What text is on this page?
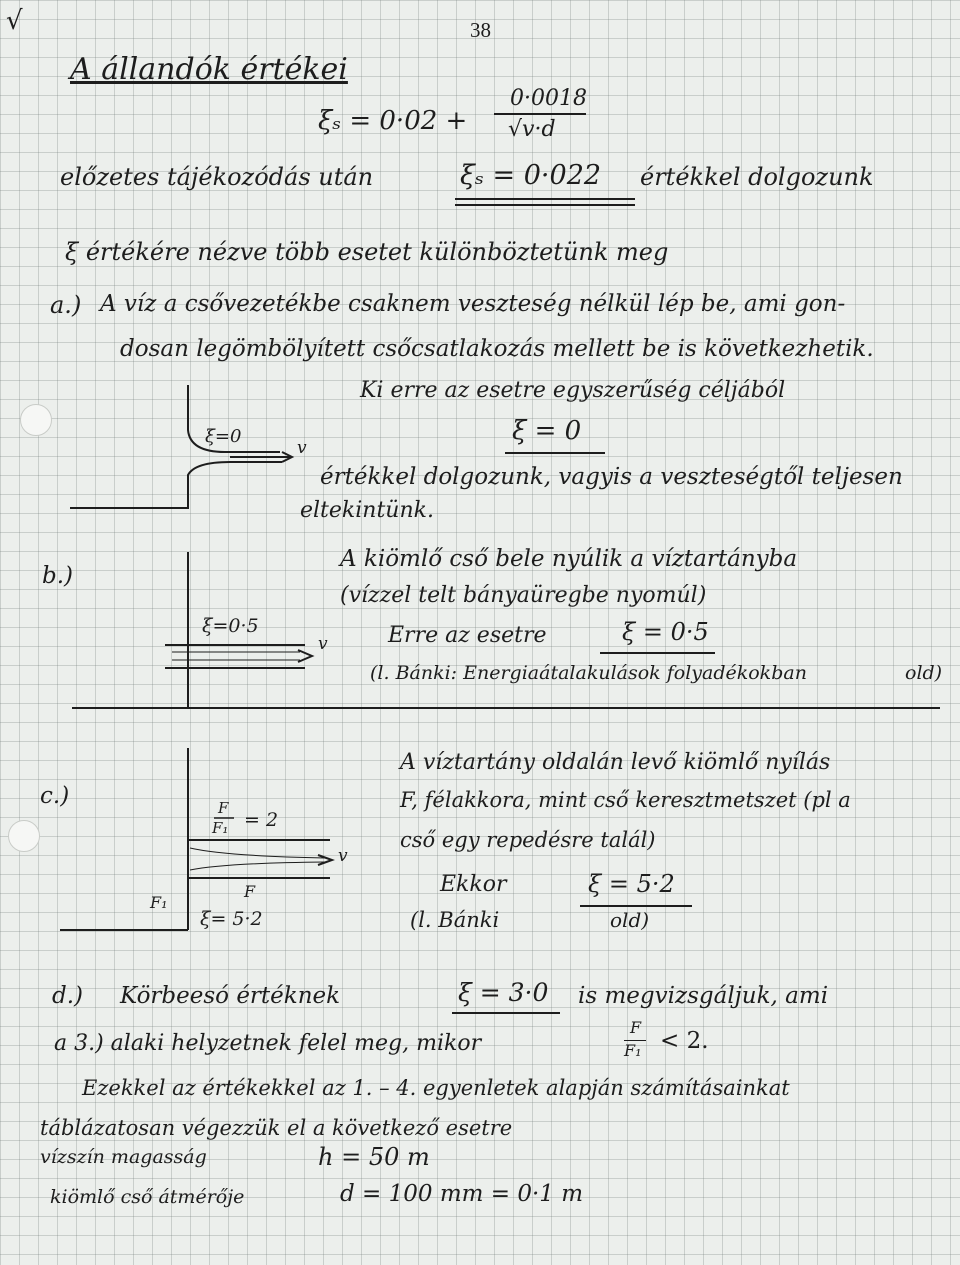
√	38
A állandók értékei
ξₛ = 0·02 +
0·0018
√v·d
előzetes tájékozódás után	ξₛ = 0·022 értékkel dolgozunk
ξ értékére nézve több esetet különböztetünk meg
a.) A víz a csővezetékbe csaknem veszteség nélkül lép be, ami gon-
dosan legömbölyített csőcsatlakozás mellett be is következhetik.
Ki erre az esetre egyszerűség céljából
ξ = 0
értékkel dolgozunk, vagyis a veszteségtől teljesen
eltekintünk.
ξ=0
v
b.)
A kiömlő cső bele nyúlik a víztartányba
(vízzel telt bányaüregbe nyomúl)
Erre az esetre	ξ = 0·5
(l. Bánki: Energiaátalakulások folyadékokban	old)
ξ=0·5
v
c.)
A víztartány oldalán levő kiömlő nyílás
F, félakkora, mint cső keresztmetszet (pl a
cső egy repedésre talál)
Ekkor	ξ = 5·2
(l. Bánki	old)
F
F₁ = 2
v
F
F₁
ξ= 5·2
d.) Körbeesó értéknek	ξ = 3·0 is megvizsgáljuk, ami
a 3.) alaki helyzetnek felel meg, mikor
F
F₁ < 2.
Ezekkel az értékekkel az 1. – 4. egyenletek alapján számításainkat
táblázatosan végezzük el a következő esetre
vízszín magasság	h = 50 m
kiömlő cső átmérője	d = 100 mm = 0·1 m
